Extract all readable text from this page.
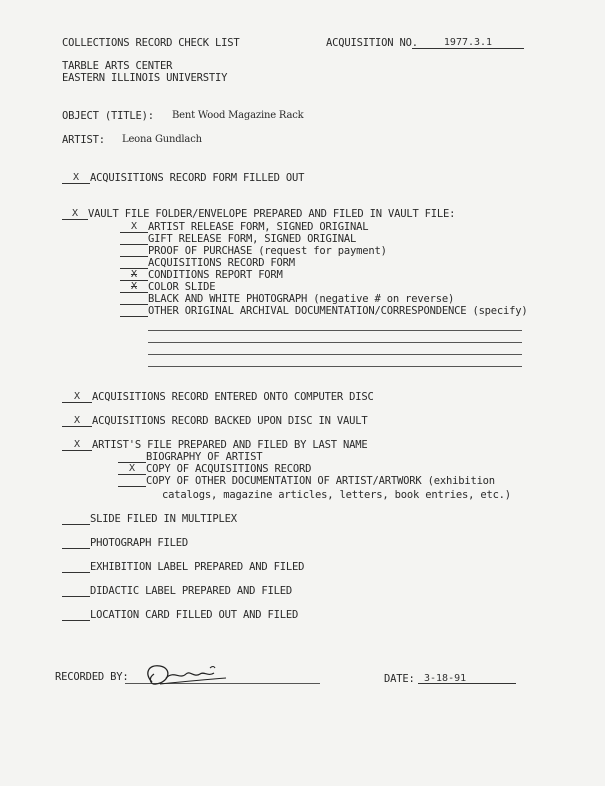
COLLECTIONS RECORD CHECK LIST	ACQUISITION NO.	1977.3.1
TARBLE ARTS CENTER
EASTERN ILLINOIS UNIVERSTIY
OBJECT (TITLE): Bent Wood Magazine Rack
ARTIST: Leona Gundlach
X	ACQUISITIONS RECORD FORM FILLED OUT
X VAULT FILE FOLDER/ENVELOPE PREPARED AND FILED IN VAULT FILE:
X	ARTIST RELEASE FORM, SIGNED ORIGINAL
GIFT RELEASE FORM, SIGNED ORIGINAL
PROOF OF PURCHASE (request for payment)
ACQUISITIONS RECORD FORM
X	CONDITIONS REPORT FORM
X	COLOR SLIDE
BLACK AND WHITE PHOTOGRAPH (negative # on reverse)
OTHER ORIGINAL ARCHIVAL DOCUMENTATION/CORRESPONDENCE (specify)
X	ACQUISITIONS RECORD ENTERED ONTO COMPUTER DISC
X	ACQUISITIONS RECORD BACKED UPON DISC IN VAULT
X	ARTIST'S FILE PREPARED AND FILED BY LAST NAME
BIOGRAPHY OF ARTIST
X	COPY OF ACQUISITIONS RECORD
COPY OF OTHER DOCUMENTATION OF ARTIST/ARTWORK (exhibition
catalogs, magazine articles, letters, book entries, etc.)
SLIDE FILED IN MULTIPLEX
PHOTOGRAPH FILED
EXHIBITION LABEL PREPARED AND FILED
DIDACTIC LABEL PREPARED AND FILED
LOCATION CARD FILLED OUT AND FILED
RECORDED BY:	DATE: 3-18-91
